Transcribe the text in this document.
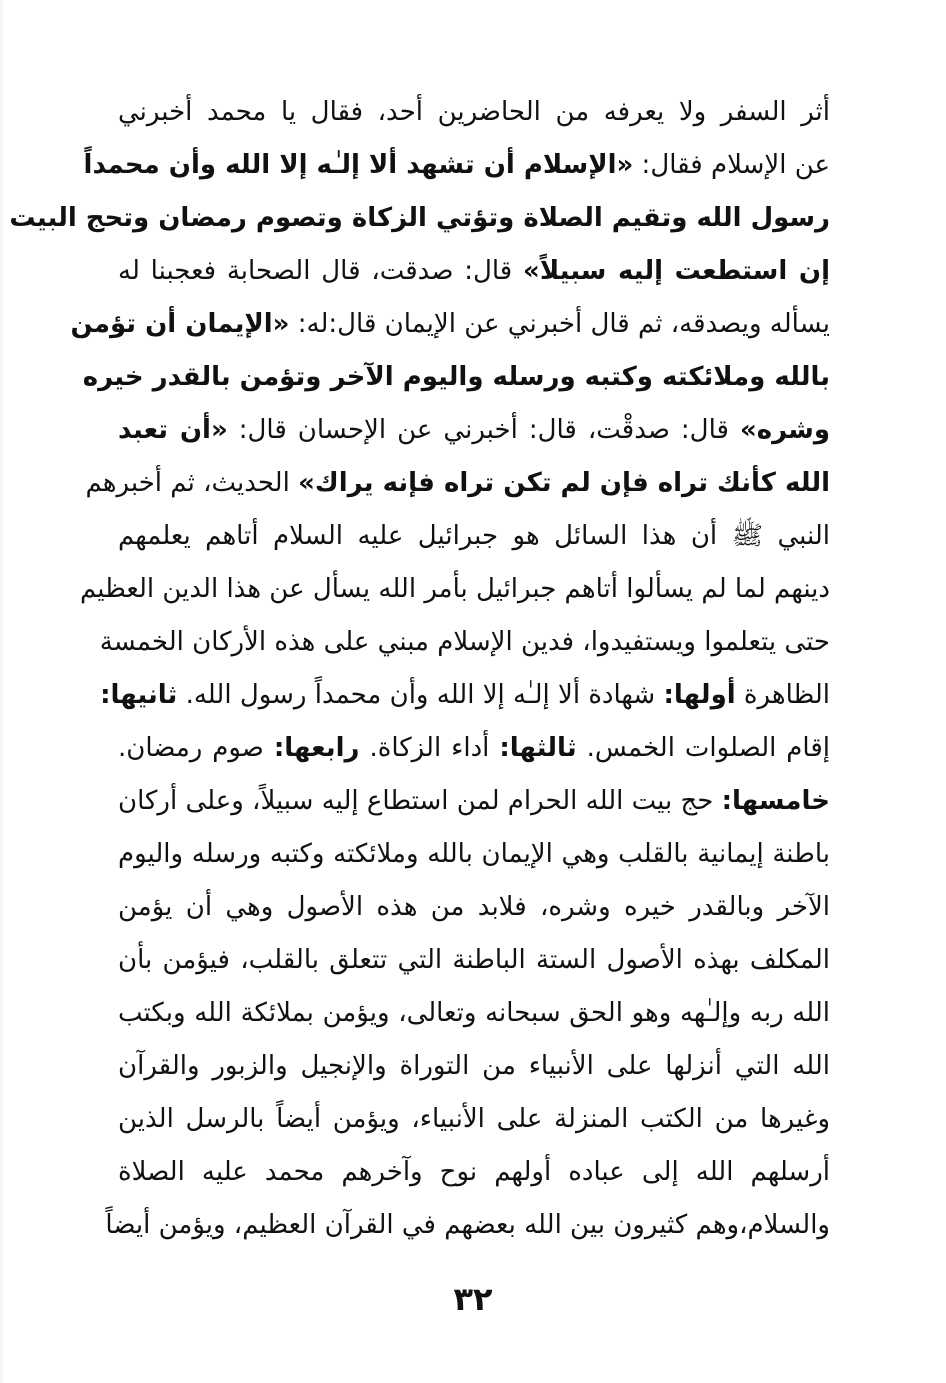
أثر السفر ولا يعرفه من الحاضرين أحد، فقال يا محمد أخبرني
عن الإسلام فقال: «الإسلام أن تشهد ألا إلـٰه إلا الله وأن محمداً
رسول الله وتقيم الصلاة وتؤتي الزكاة وتصوم رمضان وتحج البيت
إن استطعت إليه سبيلاً» قال: صدقت، قال الصحابة فعجبنا له
يسأله ويصدقه، ثم قال أخبرني عن الإيمان قال:له: «الإيمان أن تؤمن
بالله وملائكته وكتبه ورسله واليوم الآخر وتؤمن بالقدر خيره
وشره» قال: صدقْت، قال: أخبرني عن الإحسان قال: «أن تعبد
الله كأنك تراه فإن لم تكن تراه فإنه يراك» الحديث، ثم أخبرهم
النبي ﷺ أن هذا السائل هو جبرائيل عليه السلام أتاهم يعلمهم
دينهم لما لم يسألوا أتاهم جبرائيل بأمر الله يسأل عن هذا الدين العظيم
حتى يتعلموا ويستفيدوا، فدين الإسلام مبني على هذه الأركان الخمسة
الظاهرة أولها: شهادة ألا إلـٰه إلا الله وأن محمداً رسول الله. ثانيها:
إقام الصلوات الخمس. ثالثها: أداء الزكاة. رابعها: صوم رمضان.
خامسها: حج بيت الله الحرام لمن استطاع إليه سبيلاً، وعلى أركان
باطنة إيمانية بالقلب وهي الإيمان بالله وملائكته وكتبه ورسله واليوم
الآخر وبالقدر خيره وشره، فلابد من هذه الأصول وهي أن يؤمن
المكلف بهذه الأصول الستة الباطنة التي تتعلق بالقلب، فيؤمن بأن
الله ربه وإلـٰهه وهو الحق سبحانه وتعالى، ويؤمن بملائكة الله وبكتب
الله التي أنزلها على الأنبياء من التوراة والإنجيل والزبور والقرآن
وغيرها من الكتب المنزلة على الأنبياء، ويؤمن أيضاً بالرسل الذين
أرسلهم الله إلى عباده أولهم نوح وآخرهم محمد عليه الصلاة
والسلام،وهم كثيرون بين الله بعضهم في القرآن العظيم، ويؤمن أيضاً
٣٢
